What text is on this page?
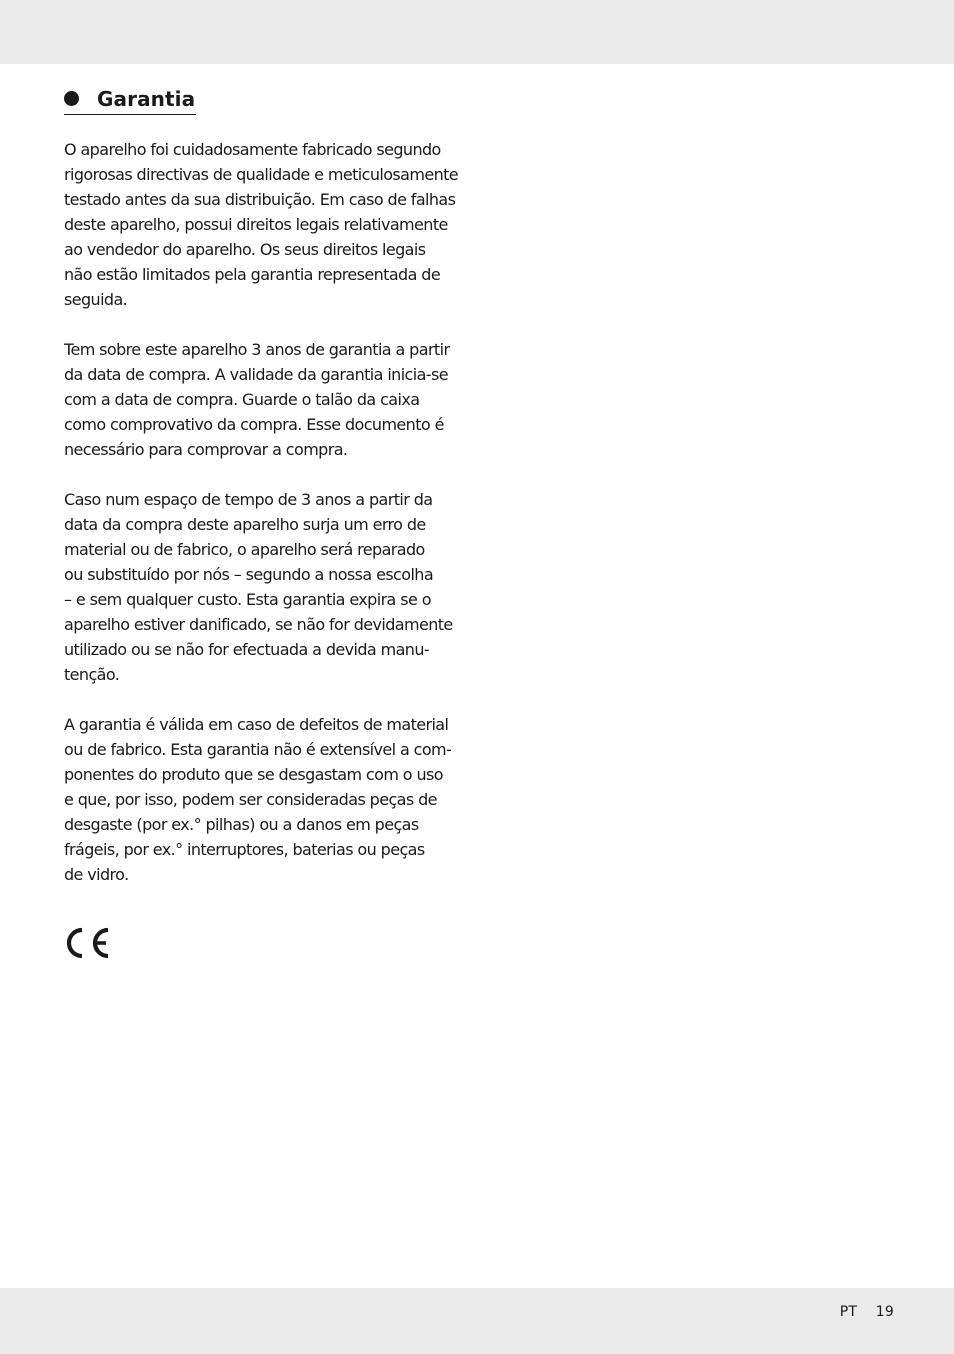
Garantia
O aparelho foi cuidadosamente fabricado segundo
rigorosas directivas de qualidade e meticulosamente
testado antes da sua distribuição. Em caso de falhas
deste aparelho, possui direitos legais relativamente
ao vendedor do aparelho. Os seus direitos legais
não estão limitados pela garantia representada de
seguida.
Tem sobre este aparelho 3 anos de garantia a partir
da data de compra. A validade da garantia inicia-se
com a data de compra. Guarde o talão da caixa
como comprovativo da compra. Esse documento é
necessário para comprovar a compra.
Caso num espaço de tempo de 3 anos a partir da
data da compra deste aparelho surja um erro de
material ou de fabrico, o aparelho será reparado
ou substituído por nós – segundo a nossa escolha
– e sem qualquer custo. Esta garantia expira se o
aparelho estiver danificado, se não for devidamente
utilizado ou se não for efectuada a devida manu-
tenção.
A garantia é válida em caso de defeitos de material
ou de fabrico. Esta garantia não é extensível a com-
ponentes do produto que se desgastam com o uso
e que, por isso, podem ser consideradas peças de
desgaste (por ex.° pilhas) ou a danos em peças
frágeis, por ex.° interruptores, baterias ou peças
de vidro.
PT 19
